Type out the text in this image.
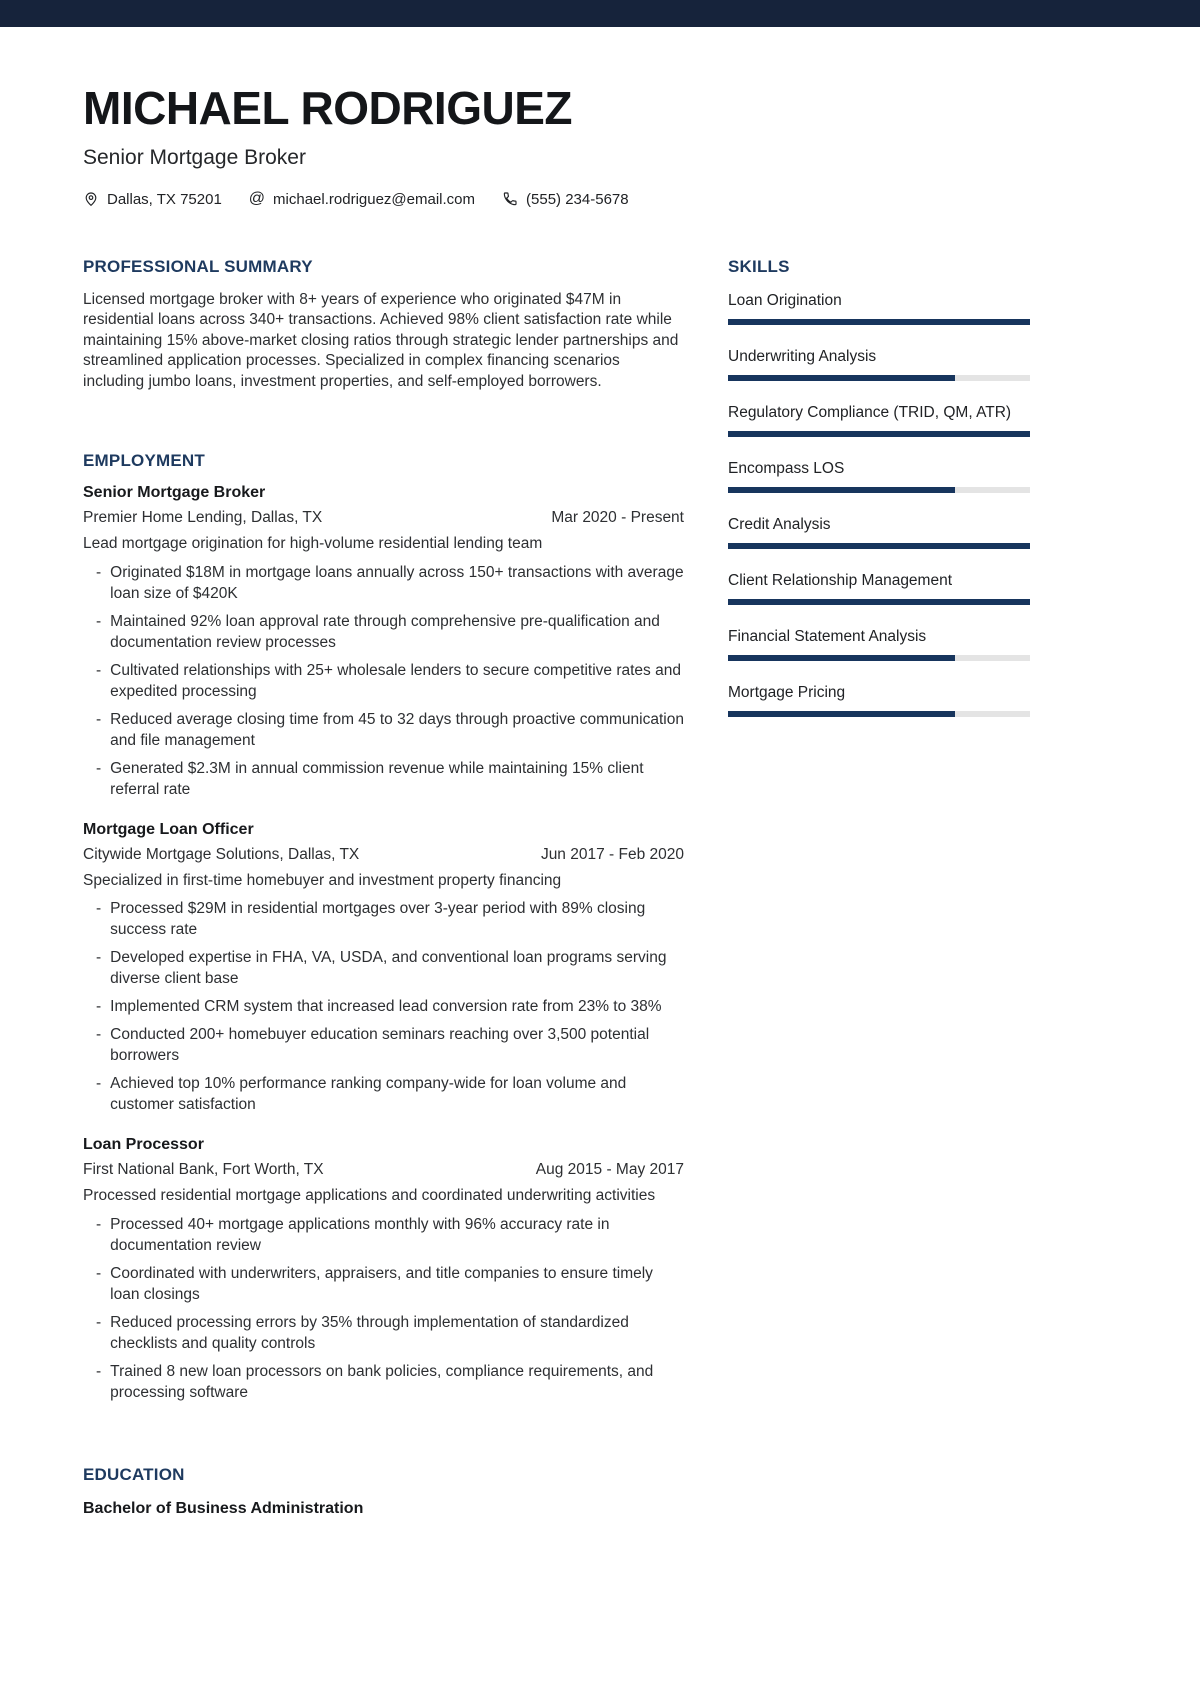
MICHAEL RODRIGUEZ
Senior Mortgage Broker
Dallas, TX 75201 @ michael.rodriguez@email.com	(555) 234-5678
PROFESSIONAL SUMMARY

Licensed mortgage broker with 8+ years of experience who originated $47M in residential loans across 340+ transactions. Achieved 98% client satisfaction rate while maintaining 15% above-market closing ratios through strategic lender partnerships and streamlined application processes. Specialized in complex financing scenarios including jumbo loans, investment properties, and self-employed borrowers.

EMPLOYMENT
Senior Mortgage Broker
Premier Home Lending, Dallas, TX	Mar 2020 - Present
Lead mortgage origination for high-volume residential lending team
- Originated $18M in mortgage loans annually across 150+ transactions with average loan size of $420K
- Maintained 92% loan approval rate through comprehensive pre-qualification and documentation review processes
- Cultivated relationships with 25+ wholesale lenders to secure competitive rates and expedited processing
- Reduced average closing time from 45 to 32 days through proactive communication and file management
- Generated $2.3M in annual commission revenue while maintaining 15% client referral rate
Mortgage Loan Officer
Citywide Mortgage Solutions, Dallas, TX	Jun 2017 - Feb 2020
Specialized in first-time homebuyer and investment property financing
- Processed $29M in residential mortgages over 3-year period with 89% closing success rate
- Developed expertise in FHA, VA, USDA, and conventional loan programs serving diverse client base
- Implemented CRM system that increased lead conversion rate from 23% to 38%
- Conducted 200+ homebuyer education seminars reaching over 3,500 potential borrowers
- Achieved top 10% performance ranking company-wide for loan volume and customer satisfaction
Loan Processor
First National Bank, Fort Worth, TX	Aug 2015 - May 2017
Processed residential mortgage applications and coordinated underwriting activities
- Processed 40+ mortgage applications monthly with 96% accuracy rate in documentation review
- Coordinated with underwriters, appraisers, and title companies to ensure timely loan closings
- Reduced processing errors by 35% through implementation of standardized checklists and quality controls
- Trained 8 new loan processors on bank policies, compliance requirements, and processing software
EDUCATION
Bachelor of Business Administration
SKILLS
Loan Origination
Underwriting Analysis
Regulatory Compliance (TRID, QM, ATR)
Encompass LOS
Credit Analysis
Client Relationship Management
Financial Statement Analysis
Mortgage Pricing
